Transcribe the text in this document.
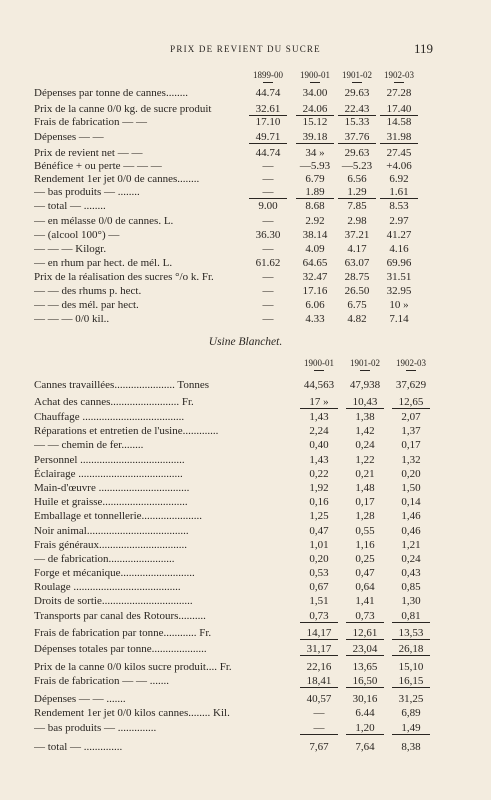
PRIX DE REVIENT DU SUCRE	119
1899-00	1900-01	1901-02	1902-03
Dépenses par tonne de cannes........	44.74	34.00	29.63	27.28
Prix de la canne 0/0 kg. de sucre produit	32.61	24.06	22.43	17.40
Frais de fabrication — —	17.10	15.12	15.33	14.58
Dépenses — —	49.71	39.18	37.76	31.98
Prix de revient net — —	44.74	34 »	29.63	27.45
Bénéfice + ou perte — — —	—	—5.93	—5.23	+4.06
Rendement 1er jet 0/0 de cannes........	—	6.79	6.56	6.92
— bas produits — ........	—	1.89	1.29	1.61
— total — ........	9.00	8.68	7.85	8.53
— en mélasse 0/0 de cannes. L.	—	2.92	2.98	2.97
— (alcool 100°) —	36.30	38.14	37.21	41.27
— — — Kilogr.	—	4.09	4.17	4.16
— en rhum par hect. de mél. L.	61.62	64.65	63.07	69.96
Prix de la réalisation des sucres °/o k. Fr.	—	32.47	28.75	31.51
— — des rhums p. hect.	—	17.16	26.50	32.95
— — des mél. par hect.	—	6.06	6.75	10 »
— — — 0/0 kil..	—	4.33	4.82	7.14
Usine Blanchet.
1900-01	1901-02	1902-03
Cannes travaillées...................... Tonnes	44,563	47,938	37,629
Achat des cannes......................... Fr.	17 »	10,43	12,65
Chauffage .....................................	1,43	1,38	2,07
Réparations et entretien de l'usine.............	2,24	1,42	1,37
— — chemin de fer........	0,40	0,24	0,17
Personnel ......................................	1,43	1,22	1,32
Éclairage ......................................	0,22	0,21	0,20
Main-d'œuvre .................................	1,92	1,48	1,50
Huile et graisse...............................	0,16	0,17	0,14
Emballage et tonnellerie......................	1,25	1,28	1,46
Noir animal.....................................	0,47	0,55	0,46
Frais généraux................................	1,01	1,16	1,21
— de fabrication........................	0,20	0,25	0,24
Forge et mécanique...........................	0,53	0,47	0,43
Roulage .......................................	0,67	0,64	0,85
Droits de sortie.................................	1,51	1,41	1,30
Transports par canal des Rotours..........	0,73	0,73	0,81
Frais de fabrication par tonne............ Fr.	14,17	12,61	13,53
Dépenses totales par tonne....................	31,17	23,04	26,18
Prix de la canne 0/0 kilos sucre produit.... Fr.	22,16	13,65	15,10
Frais de fabrication — — .......	18,41	16,50	16,15
Dépenses — — .......	40,57	30,16	31,25
Rendement 1er jet 0/0 kilos cannes........ Kil.	—	6.44	6,89
— bas produits — ..............	—	1,20	1,49
— total — ..............	7,67	7,64	8,38
